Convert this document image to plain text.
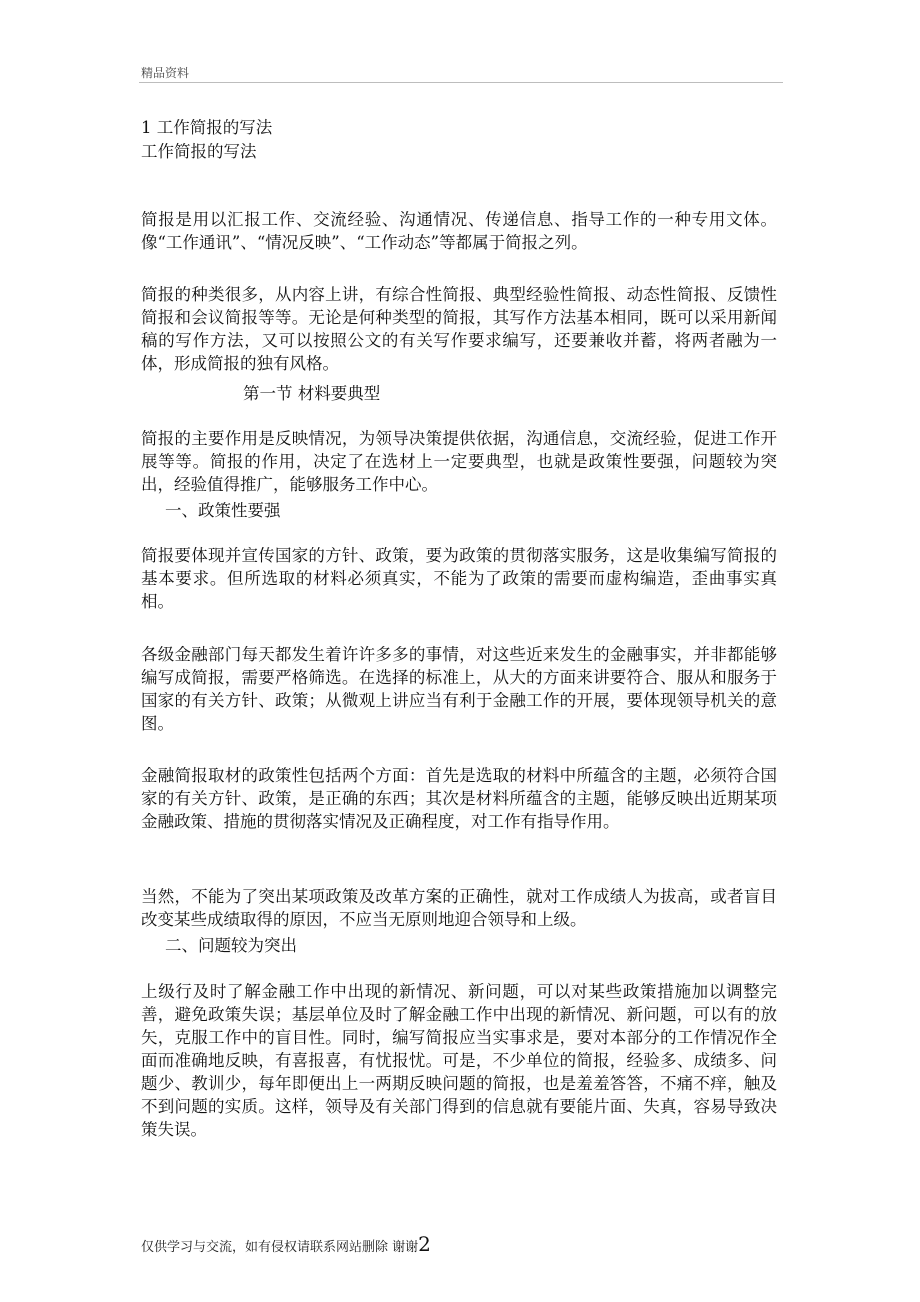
精品资料
1 工作简报的写法
工作简报的写法
简报是用以汇报工作、交流经验、沟通情况、传递信息、指导工作的一种专用文体。像“工作通讯”、“情况反映”、“工作动态”等都属于简报之列。
简报的种类很多，从内容上讲，有综合性简报、典型经验性简报、动态性简报、反馈性简报和会议简报等等。无论是何种类型的简报，其写作方法基本相同，既可以采用新闻稿的写作方法，又可以按照公文的有关写作要求编写，还要兼收并蓄，将两者融为一体，形成简报的独有风格。
第一节 材料要典型
简报的主要作用是反映情况，为领导决策提供依据，沟通信息，交流经验，促进工作开展等等。简报的作用，决定了在选材上一定要典型，也就是政策性要强，问题较为突出，经验值得推广，能够服务工作中心。
一、政策性要强
简报要体现并宣传国家的方针、政策，要为政策的贯彻落实服务，这是收集编写简报的基本要求。但所选取的材料必须真实，不能为了政策的需要而虚构编造，歪曲事实真相。
各级金融部门每天都发生着许许多多的事情，对这些近来发生的金融事实，并非都能够编写成简报，需要严格筛选。在选择的标准上，从大的方面来讲要符合、服从和服务于国家的有关方针、政策；从微观上讲应当有利于金融工作的开展，要体现领导机关的意图。
金融简报取材的政策性包括两个方面：首先是选取的材料中所蕴含的主题，必须符合国家的有关方针、政策，是正确的东西；其次是材料所蕴含的主题，能够反映出近期某项金融政策、措施的贯彻落实情况及正确程度，对工作有指导作用。
当然，不能为了突出某项政策及改革方案的正确性，就对工作成绩人为拔高，或者盲目改变某些成绩取得的原因，不应当无原则地迎合领导和上级。
二、问题较为突出
上级行及时了解金融工作中出现的新情况、新问题，可以对某些政策措施加以调整完善，避免政策失误；基层单位及时了解金融工作中出现的新情况、新问题，可以有的放矢，克服工作中的盲目性。同时，编写简报应当实事求是，要对本部分的工作情况作全面而准确地反映，有喜报喜，有忧报忧。可是，不少单位的简报，经验多、成绩多、问题少、教训少，每年即便出上一两期反映问题的简报，也是羞羞答答，不痛不痒，触及不到问题的实质。这样，领导及有关部门得到的信息就有要能片面、失真，容易导致决策失误。
仅供学习与交流，如有侵权请联系网站删除 谢谢2
